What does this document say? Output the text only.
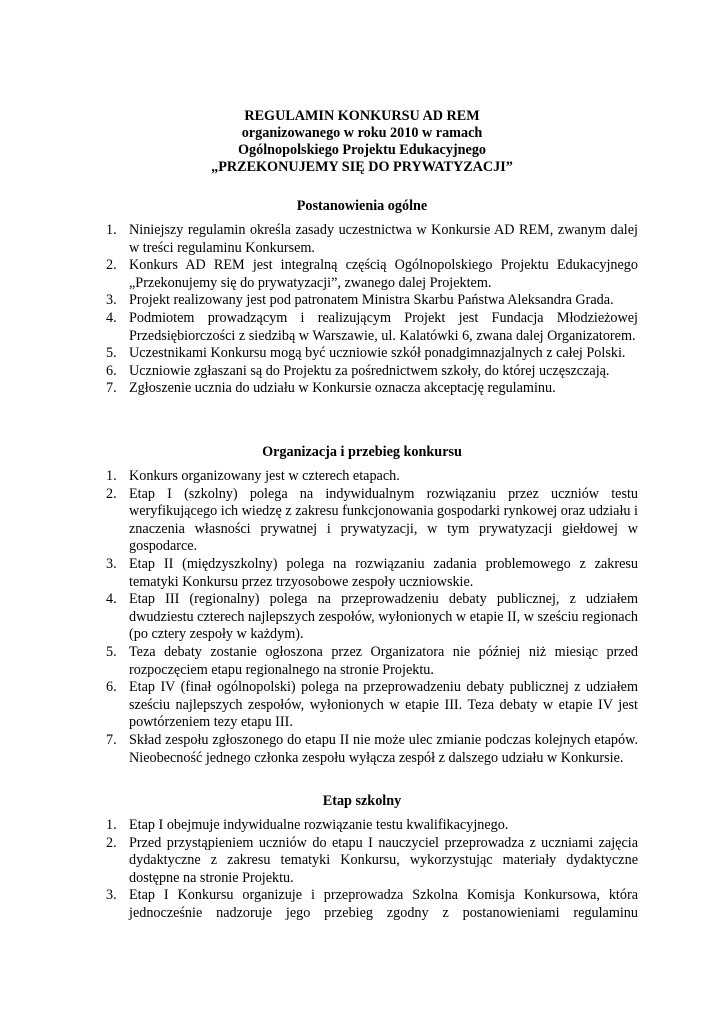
REGULAMIN KONKURSU AD REM
organizowanego w roku 2010 w ramach
Ogólnopolskiego Projektu Edukacyjnego
„PRZEKONUJEMY SIĘ DO PRYWATYZACJI”
Postanowienia ogólne
1. Niniejszy regulamin określa zasady uczestnictwa w Konkursie AD REM, zwanym dalej w treści regulaminu Konkursem.
2. Konkurs AD REM jest integralną częścią Ogólnopolskiego Projektu Edukacyjnego „Przekonujemy się do prywatyzacji”, zwanego dalej Projektem.
3. Projekt realizowany jest pod patronatem Ministra Skarbu Państwa Aleksandra Grada.
4. Podmiotem prowadzącym i realizującym Projekt jest Fundacja Młodzieżowej Przedsiębiorczości z siedzibą w Warszawie, ul. Kalatówki 6, zwana dalej Organizatorem.
5. Uczestnikami Konkursu mogą być uczniowie szkół ponadgimnazjalnych z całej Polski.
6. Uczniowie zgłaszani są do Projektu za pośrednictwem szkoły, do której uczęszczają.
7. Zgłoszenie ucznia do udziału w Konkursie oznacza akceptację regulaminu.
Organizacja i przebieg konkursu
1. Konkurs organizowany jest w czterech etapach.
2. Etap I (szkolny) polega na indywidualnym rozwiązaniu przez uczniów testu weryfikującego ich wiedzę z zakresu funkcjonowania gospodarki rynkowej oraz udziału i znaczenia własności prywatnej i prywatyzacji, w tym prywatyzacji giełdowej w gospodarce.
3. Etap II (międzyszkolny) polega na rozwiązaniu zadania problemowego z zakresu tematyki Konkursu przez trzyosobowe zespoły uczniowskie.
4. Etap III (regionalny) polega na przeprowadzeniu debaty publicznej, z udziałem dwudziestu czterech najlepszych zespołów, wyłonionych w etapie II, w sześciu regionach (po cztery zespoły w każdym).
5. Teza debaty zostanie ogłoszona przez Organizatora nie później niż miesiąc przed rozpoczęciem etapu regionalnego na stronie Projektu.
6. Etap IV (finał ogólnopolski) polega na przeprowadzeniu debaty publicznej z udziałem sześciu najlepszych zespołów, wyłonionych w etapie III. Teza debaty w etapie IV jest powtórzeniem tezy etapu III.
7. Skład zespołu zgłoszonego do etapu II nie może ulec zmianie podczas kolejnych etapów. Nieobecność jednego członka zespołu wyłącza zespół z dalszego udziału w Konkursie.
Etap szkolny
1. Etap I obejmuje indywidualne rozwiązanie testu kwalifikacyjnego.
2. Przed przystąpieniem uczniów do etapu I nauczyciel przeprowadza z uczniami zajęcia dydaktyczne z zakresu tematyki Konkursu, wykorzystując materiały dydaktyczne dostępne na stronie Projektu.
3. Etap I Konkursu organizuje i przeprowadza Szkolna Komisja Konkursowa, która jednocześnie nadzoruje jego przebieg zgodny z postanowieniami regulaminu
